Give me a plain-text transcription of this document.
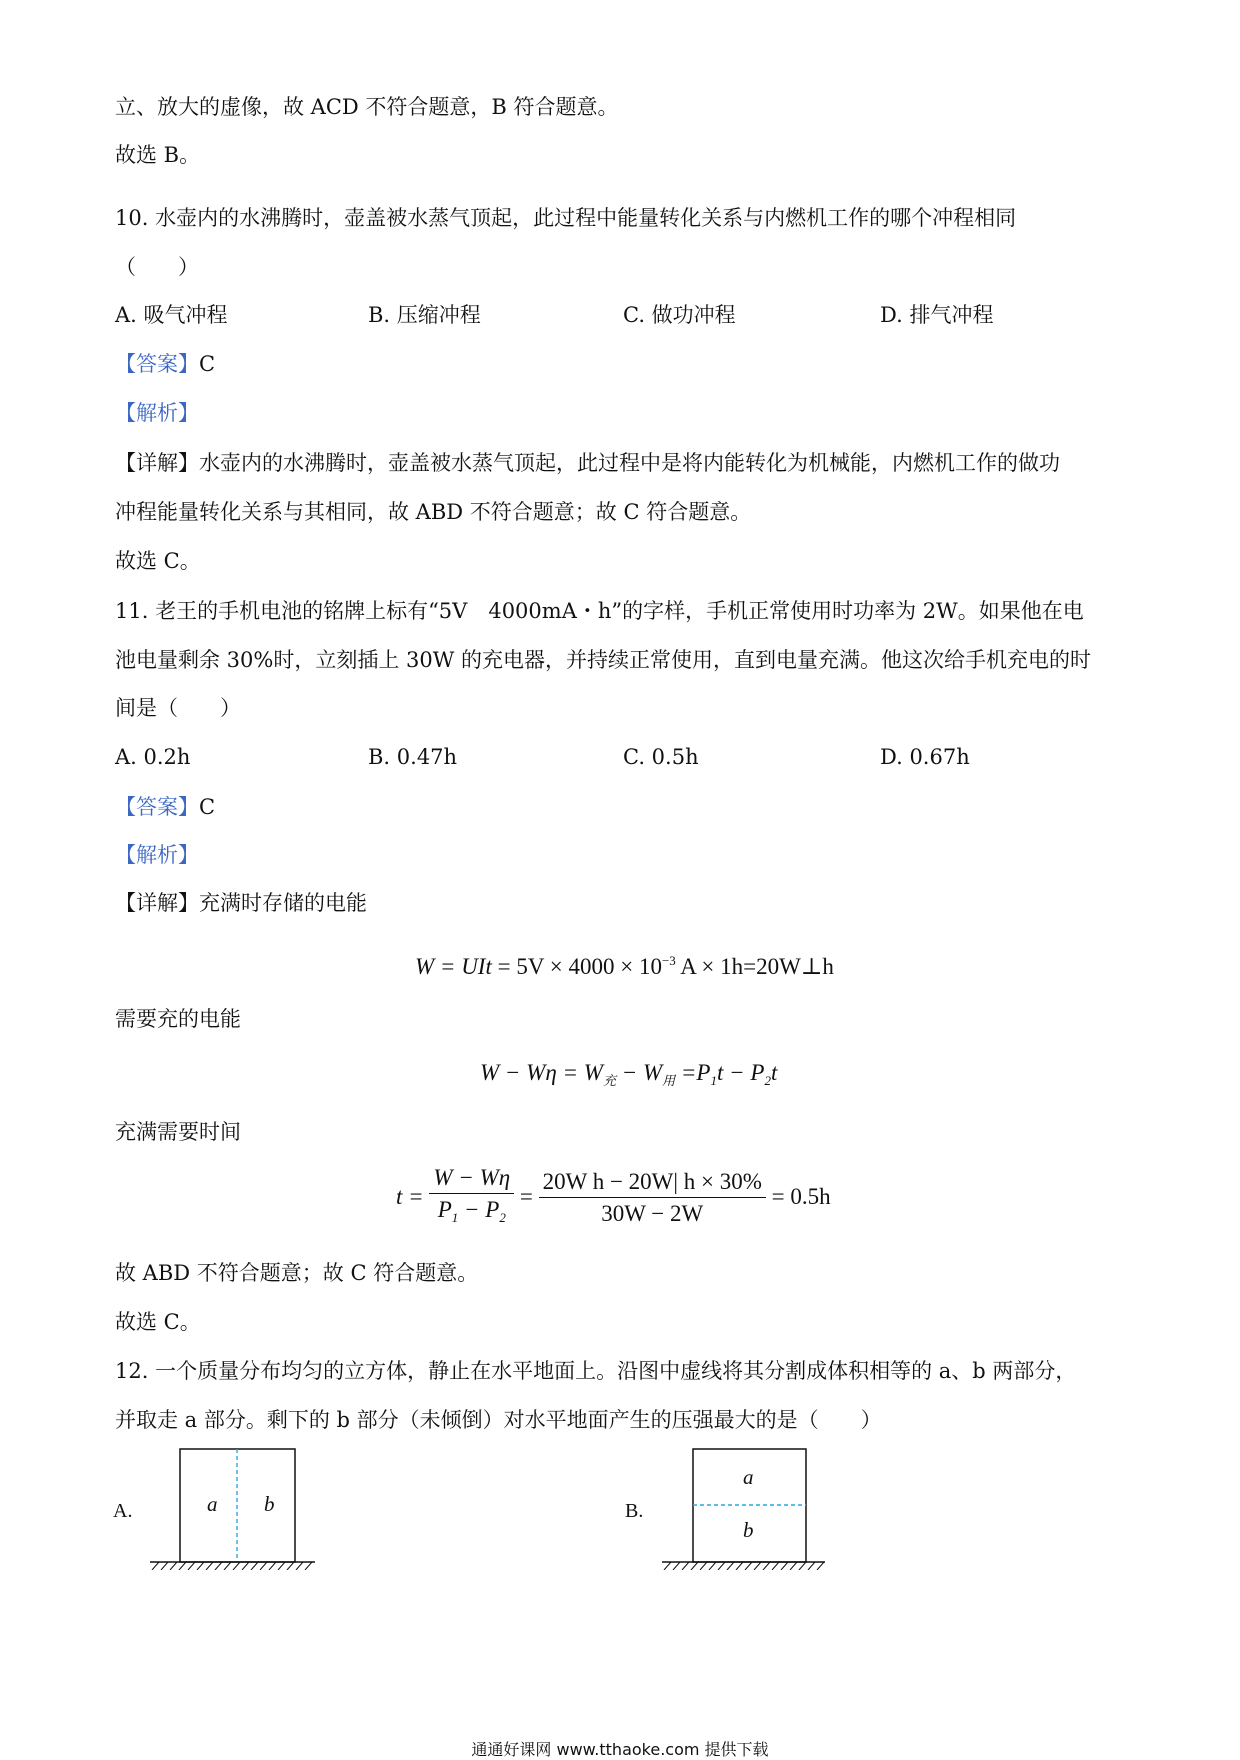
立、放大的虚像，故 ACD 不符合题意，B 符合题意。
故选 B。
10. 水壶内的水沸腾时，壶盖被水蒸气顶起，此过程中能量转化关系与内燃机工作的哪个冲程相同
（　　）
A. 吸气冲程	B. 压缩冲程	C. 做功冲程	D. 排气冲程
【答案】C
【解析】
【详解】水壶内的水沸腾时，壶盖被水蒸气顶起，此过程中是将内能转化为机械能，内燃机工作的做功
冲程能量转化关系与其相同，故 ABD 不符合题意；故 C 符合题意。
故选 C。
11. 老王的手机电池的铭牌上标有“5V　4000mA・h”的字样，手机正常使用时功率为 2W。如果他在电
池电量剩余 30%时，立刻插上 30W 的充电器，并持续正常使用，直到电量充满。他这次给手机充电的时
间是（　　）
A. 0.2h	B. 0.47h	C. 0.5h	D. 0.67h
【答案】C
【解析】
【详解】充满时存储的电能
W = UIt = $5V \times 4000 \times 10^{-3}$ A × 1h=20W⊥h
需要充的电能
$W - W\eta = W_充 - W_用 =P_1t - P_2t$
充满需要时间
$t = \frac{W - W\eta}{P_1 - P_2} = \frac{\text{20W h − 20W| h × 30\%}}{30W - 2W} = 0.5h$
故 ABD 不符合题意；故 C 符合题意。
故选 C。
12. 一个质量分布均匀的立方体，静止在水平地面上。沿图中虚线将其分割成体积相等的 a、b 两部分，
并取走 a 部分。剩下的 b 部分（未倾倒）对水平地面产生的压强最大的是（　　）
A.	a b	B.
a
b
通通好课网 www.tthaoke.com 提供下载
